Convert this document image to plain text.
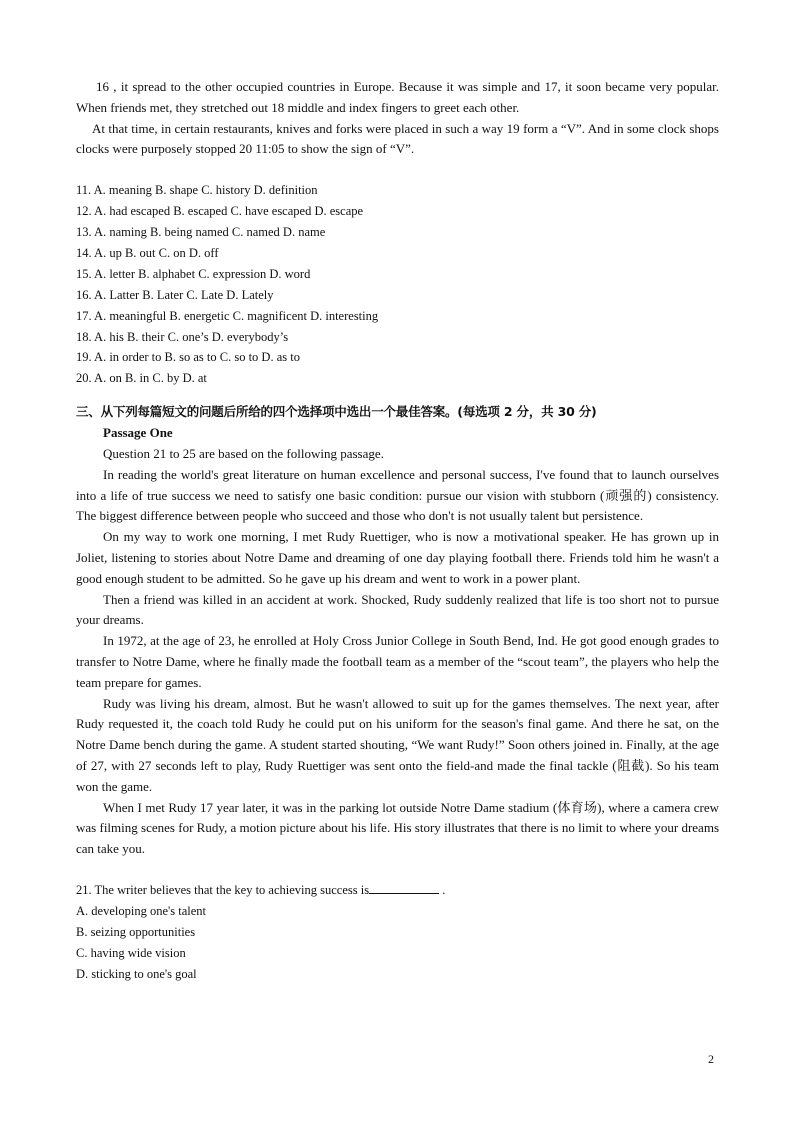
16 , it spread to the other occupied countries in Europe. Because it was simple and 17, it soon became very popular. When friends met, they stretched out 18 middle and index fingers to greet each other.

At that time, in certain restaurants, knives and forks were placed in such a way 19 form a “V”. And in some clock shops clocks were purposely stopped 20 11:05 to show the sign of “V”.

11. A. meaning B. shape C. history D. definition

12. A. had escaped B. escaped C. have escaped D. escape

13. A. naming B. being named C. named D. name

14. A. up B. out C. on D. off

15. A. letter B. alphabet C. expression D. word

16. A. Latter B. Later C. Late D. Lately

17. A. meaningful B. energetic C. magnificent D. interesting

18. A. his B. their C. one’s D. everybody’s

19. A. in order to B. so as to C. so to D. as to

20. A. on B. in C. by D. at

三、从下列每篇短文的问题后所给的四个选择项中选出一个最佳答案。(每选项 2 分，共 30 分)

Passage One

Question 21 to 25 are based on the following passage.

In reading the world's great literature on human excellence and personal success, I've found that to launch ourselves into a life of true success we need to satisfy one basic condition: pursue our vision with stubborn (顽强的) consistency. The biggest difference between people who succeed and those who don't is not usually talent but persistence.

On my way to work one morning, I met Rudy Ruettiger, who is now a motivational speaker. He has grown up in Joliet, listening to stories about Notre Dame and dreaming of one day playing football there. Friends told him he wasn't a good enough student to be admitted. So he gave up his dream and went to work in a power plant.

Then a friend was killed in an accident at work. Shocked, Rudy suddenly realized that life is too short not to pursue your dreams.

In 1972, at the age of 23, he enrolled at Holy Cross Junior College in South Bend, Ind. He got good enough grades to transfer to Notre Dame, where he finally made the football team as a member of the “scout team”, the players who help the team prepare for games.

Rudy was living his dream, almost. But he wasn't allowed to suit up for the games themselves. The next year, after Rudy requested it, the coach told Rudy he could put on his uniform for the season's final game. And there he sat, on the Notre Dame bench during the game. A student started shouting, “We want Rudy!” Soon others joined in. Finally, at the age of 27, with 27 seconds left to play, Rudy Ruettiger was sent onto the field-and made the final tackle (阻截). So his team won the game.

When I met Rudy 17 year later, it was in the parking lot outside Notre Dame stadium (体育场), where a camera crew was filming scenes for Rudy, a motion picture about his life. His story illustrates that there is no limit to where your dreams can take you.

21. The writer believes that the key to achieving success is	.

A. developing one's talent

B. seizing opportunities

C. having wide vision

D. sticking to one's goal

2
